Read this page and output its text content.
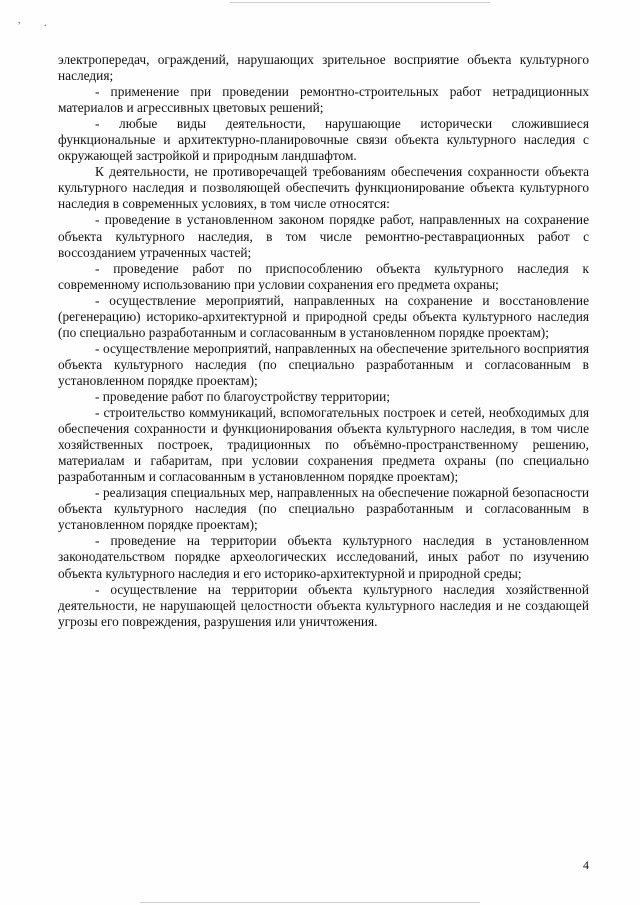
, .

электропередач, ограждений, нарушающих зрительное восприятие объекта культурного наследия;

- применение при проведении ремонтно-строительных работ нетрадиционных материалов и агрессивных цветовых решений;

- любые виды деятельности, нарушающие исторически сложившиеся функциональные и архитектурно-планировочные связи объекта культурного наследия с окружающей застройкой и природным ландшафтом.

К деятельности, не противоречащей требованиям обеспечения сохранности объекта культурного наследия и позволяющей обеспечить функционирование объекта культурного наследия в современных условиях, в том числе относятся:

- проведение в установленном законом порядке работ, направленных на сохранение объекта культурного наследия, в том числе ремонтно-реставрационных работ с воссозданием утраченных частей;

- проведение работ по приспособлению объекта культурного наследия к современному использованию при условии сохранения его предмета охраны;

- осуществление мероприятий, направленных на сохранение и восстановление (регенерацию) историко-архитектурной и природной среды объекта культурного наследия (по специально разработанным и согласованным в установленном порядке проектам);

- осуществление мероприятий, направленных на обеспечение зрительного восприятия объекта культурного наследия (по специально разработанным и согласованным в установленном порядке проектам);

- проведение работ по благоустройству территории;

- строительство коммуникаций, вспомогательных построек и сетей, необходимых для обеспечения сохранности и функционирования объекта культурного наследия, в том числе хозяйственных построек, традиционных по объёмно-пространственному решению, материалам и габаритам, при условии сохранения предмета охраны (по специально разработанным и согласованным в установленном порядке проектам);

- реализация специальных мер, направленных на обеспечение пожарной безопасности объекта культурного наследия (по специально разработанным и согласованным в установленном порядке проектам);

- проведение на территории объекта культурного наследия в установленном законодательством порядке археологических исследований, иных работ по изучению объекта культурного наследия и его историко-архитектурной и природной среды;

- осуществление на территории объекта культурного наследия хозяйственной деятельности, не нарушающей целостности объекта культурного наследия и не создающей угрозы его повреждения, разрушения или уничтожения.

4
